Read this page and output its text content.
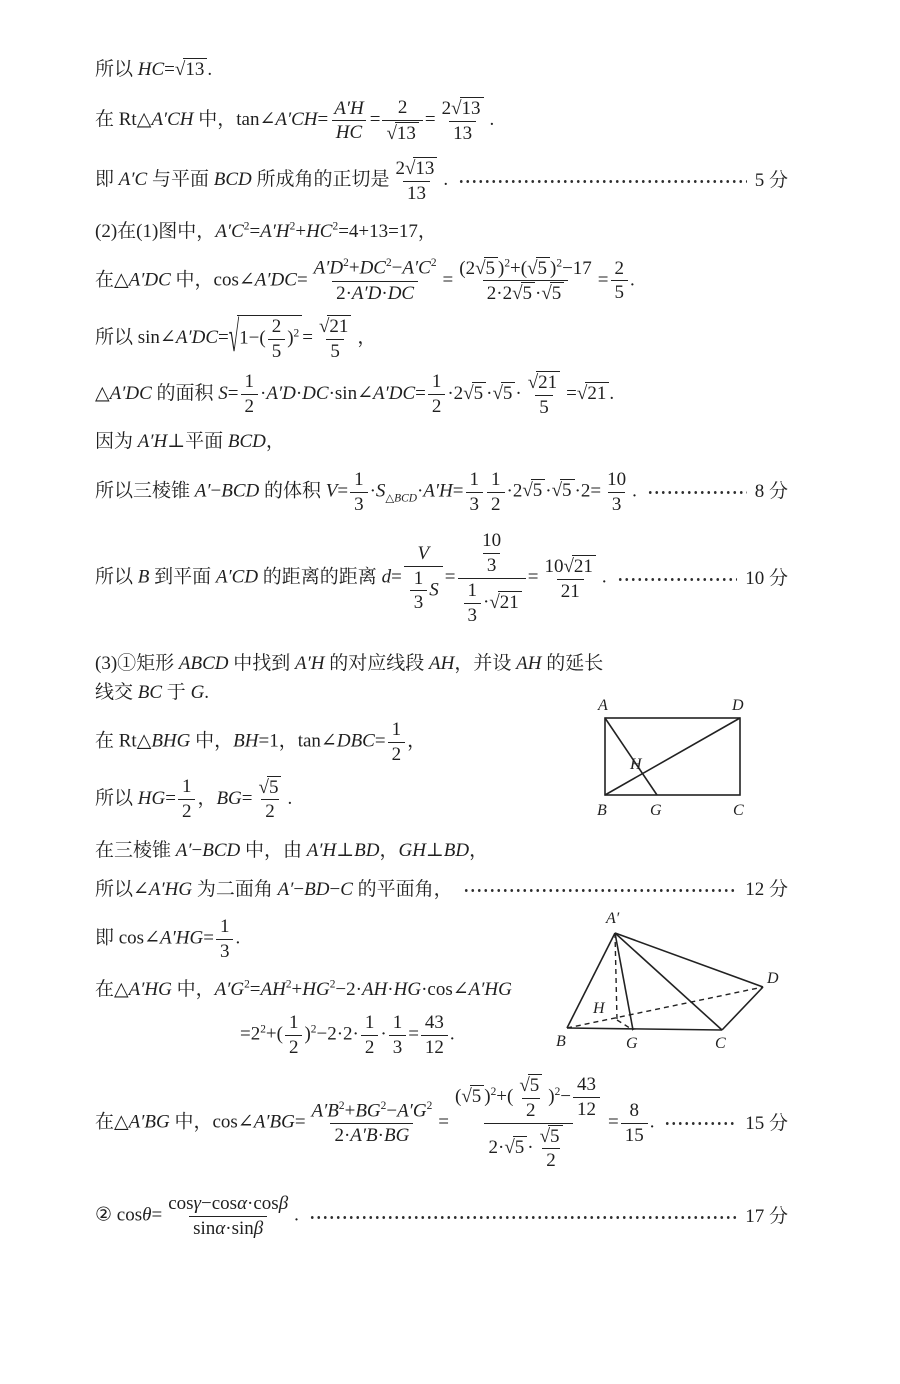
所以 HC= √ 13 .
在 Rt△A′CH 中，tan∠A′CH= $\frac{A'H}{HC} = \frac{2}{√ 13} = \frac{2 √ 13}{13}$ .
即 A′C 与平面 BCD 所成角的正切是 $\frac{2 √ 13}{13}$ .	5 分
(2)在(1)图中，$A'C^2=A'H^2+HC^2=4+13=17$，
在△A′DC 中，cos∠A′DC= $\frac{A'D^2+DC^2-A'C^2}{2\cdot A'D\cdot DC} = \frac{(2 √ 5 )^2+( √ 5 )^2-17}{2\cdot 2 √ 5 \cdot √ 5} = \frac{2}{5}$ .
所以 sin∠A′DC= √ $1-( \frac{2}{5} )^2 = \frac{√ 21}{5}$ ，
△A′DC 的面积 $S= \frac{1}{2}$ ·A′D·DC·sin∠A′DC= $\frac{1}{2} \cdot 2$ √ 5 · √ $5 \cdot \frac{√ 21}{5}$ = √ 21 .
因为 A′H⊥平面 BCD，
所以三棱锥 A′−BCD 的体积 $V= \frac{1}{3} \cdot S_{\triangle BCD}\cdot A'H= \frac{1}{3} \frac{1}{2} \cdot 2$ √ 5 · √ $5 \cdot 2= \frac{10}{3}$ .	8 分
所以 B 到平面 A′CD 的距离的距离 $d= \frac{V}{\frac{1}{3} S} = \frac{\frac{10}{3}}{\frac{1}{3} \cdot √ 21} = \frac{10 √ 21}{21}$ .	10 分
(3)①矩形 ABCD 中找到 A′H 的对应线段 AH，并设 AH 的延长
线交 BC 于 G.
在 Rt△BHG 中，BH=1，tan∠DBC= $\frac{1}{2}$ ，
所以 $HG= \frac{1}{2}$ ，$BG= \frac{√ 5}{2}$ .
在三棱锥 A′−BCD 中，由 A′H⊥BD，GH⊥BD，
所以∠A′HG 为二面角 A′−BD−C 的平面角，	12 分
即 cos∠A′HG= $\frac{1}{3}$ .
在△A′HG 中，$A'G^2=AH^2+HG^2-2\cdot AH\cdot HG\cdot\cos\angle A'HG$
$=2^2+( \frac{1}{2} )^2-2\cdot 2\cdot \frac{1}{2} \cdot \frac{1}{3} = \frac{43}{12}$ .
在△A′BG 中，cos∠A′BG= $\frac{A'B^2+BG^2-A'G^2}{2\cdot A'B\cdot BG} = \frac{( √ 5 )^2+( \frac{√ 5}{2} )^2- \frac{43}{12}}{2\cdot √ 5 \cdot \frac{√ 5}{2}} = \frac{8}{15}$ .	15 分
② $\cos\theta= \frac{\cos\gamma-\cos\alpha\cdot\cos\beta}{\sin\alpha\cdot\sin\beta}$ .	17 分
A	D
B	G	C
H
A′
B	G	C
D
H
